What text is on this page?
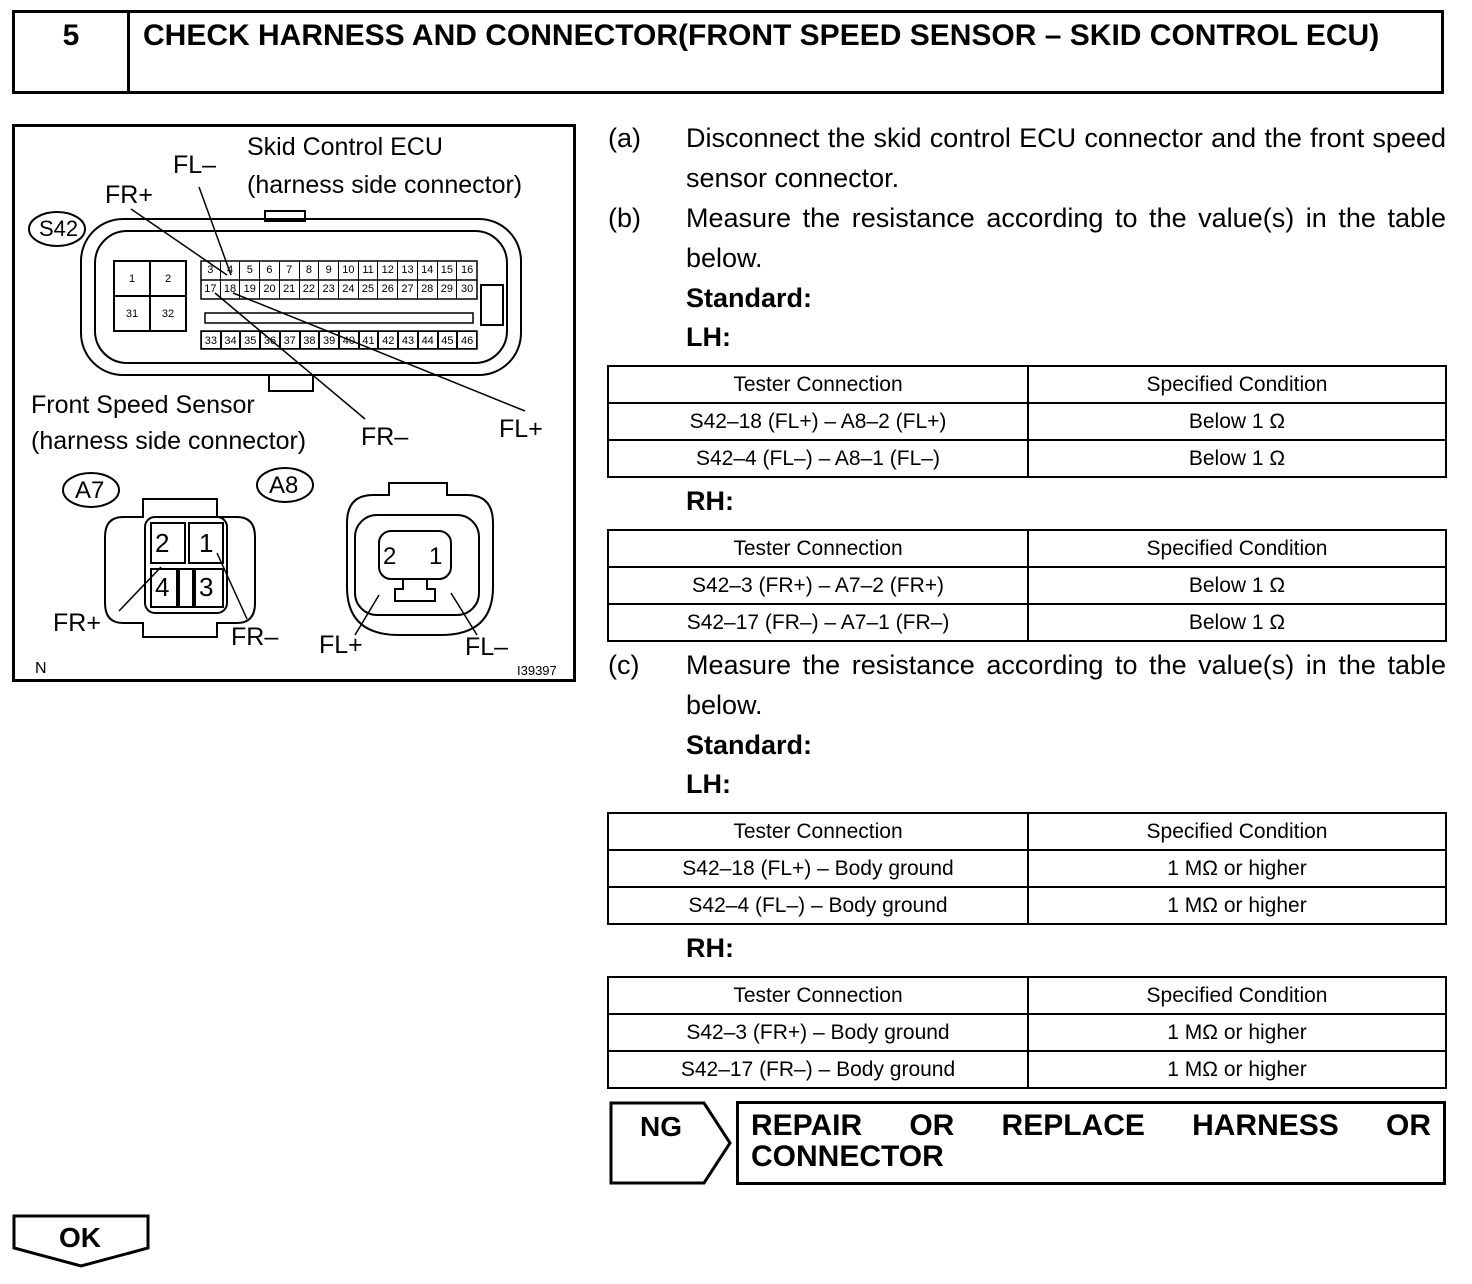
5	CHECK HARNESS AND CONNECTOR(FRONT SPEED SENSOR – SKID CONTROL ECU)
Skid Control ECU
(harness side connector)
FL–
FR+
S42
1	2
31	32
3	4	5	6	7	8	9 10 11 12 13 14 15 16
17 18 19 20 21 22 23 24 25 26 27 28 29 30
33 34 35 36 37 38 39 40 41 42 43 44 45 46
Front Speed Sensor
(harness side connector) FR–	FL+
A7	A8
2 1
4 3
2 1
FR+	FR– FL+	FL–
N	I39397
(a) Disconnect the skid control ECU connector and the front speed sensor connector.
(b) Measure the resistance according to the value(s) in the table below.
Standard:
LH:
Tester Connection	Specified Condition
S42–18 (FL+) – A8–2 (FL+)	Below 1 Ω
S42–4 (FL–) – A8–1 (FL–)	Below 1 Ω
RH:
Tester Connection	Specified Condition
S42–3 (FR+) – A7–2 (FR+)	Below 1 Ω
S42–17 (FR–) – A7–1 (FR–)	Below 1 Ω
(c) Measure the resistance according to the value(s) in the table below.
Standard:
LH:
Tester Connection	Specified Condition
S42–18 (FL+) – Body ground	1 MΩ or higher
S42–4 (FL–) – Body ground	1 MΩ or higher
RH:
Tester Connection	Specified Condition
S42–3 (FR+) – Body ground	1 MΩ or higher
S42–17 (FR–) – Body ground	1 MΩ or higher
NG REPAIR OR REPLACE HARNESS OR
CONNECTOR
OK
